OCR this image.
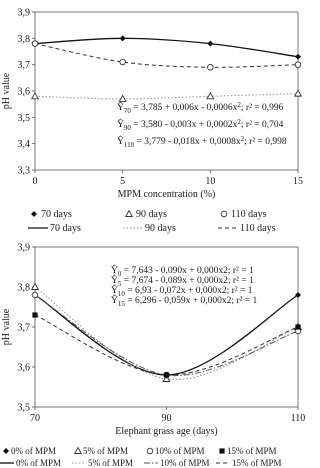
3,3
3,4
3,5
3,6
3,7
3,8
3,9
0	5	10	15
MPM concentration (%)
pH value	$Ŷ_{70} = 3,785 + 0,006x - 0,0006x^2$; r² = 0,996
$Ŷ_{90} = 3,580 - 0,003x + 0,0002x^2$; r² = 0,704
$Ŷ_{110} = 3,779 - 0,018x + 0,0008x^2$; r² = 0,998
70 days	90 days	110 days
70 days	90 days	110 days
3,5
3,6
3,7
3,8
3,9
70	90	110
Elephant grass age (days)
pH value
$Ŷ_0 = 7,643 - 0,090x + 0,000x2$; r² = 1
$Ŷ_5 = 7,674 - 0,089x + 0,000x2$; r² = 1
$Ŷ_{10} = 6,93 - 0,072x + 0,000x2$; r² = 1
$Ŷ_{15} = 6,296 - 0,059x + 0,000x2$; r² = 1
0% of MPM	5% of MPM	10% of MPM 15% of MPM
0% of MPM	5% of MPM	10% of MPM 15% of MPM
